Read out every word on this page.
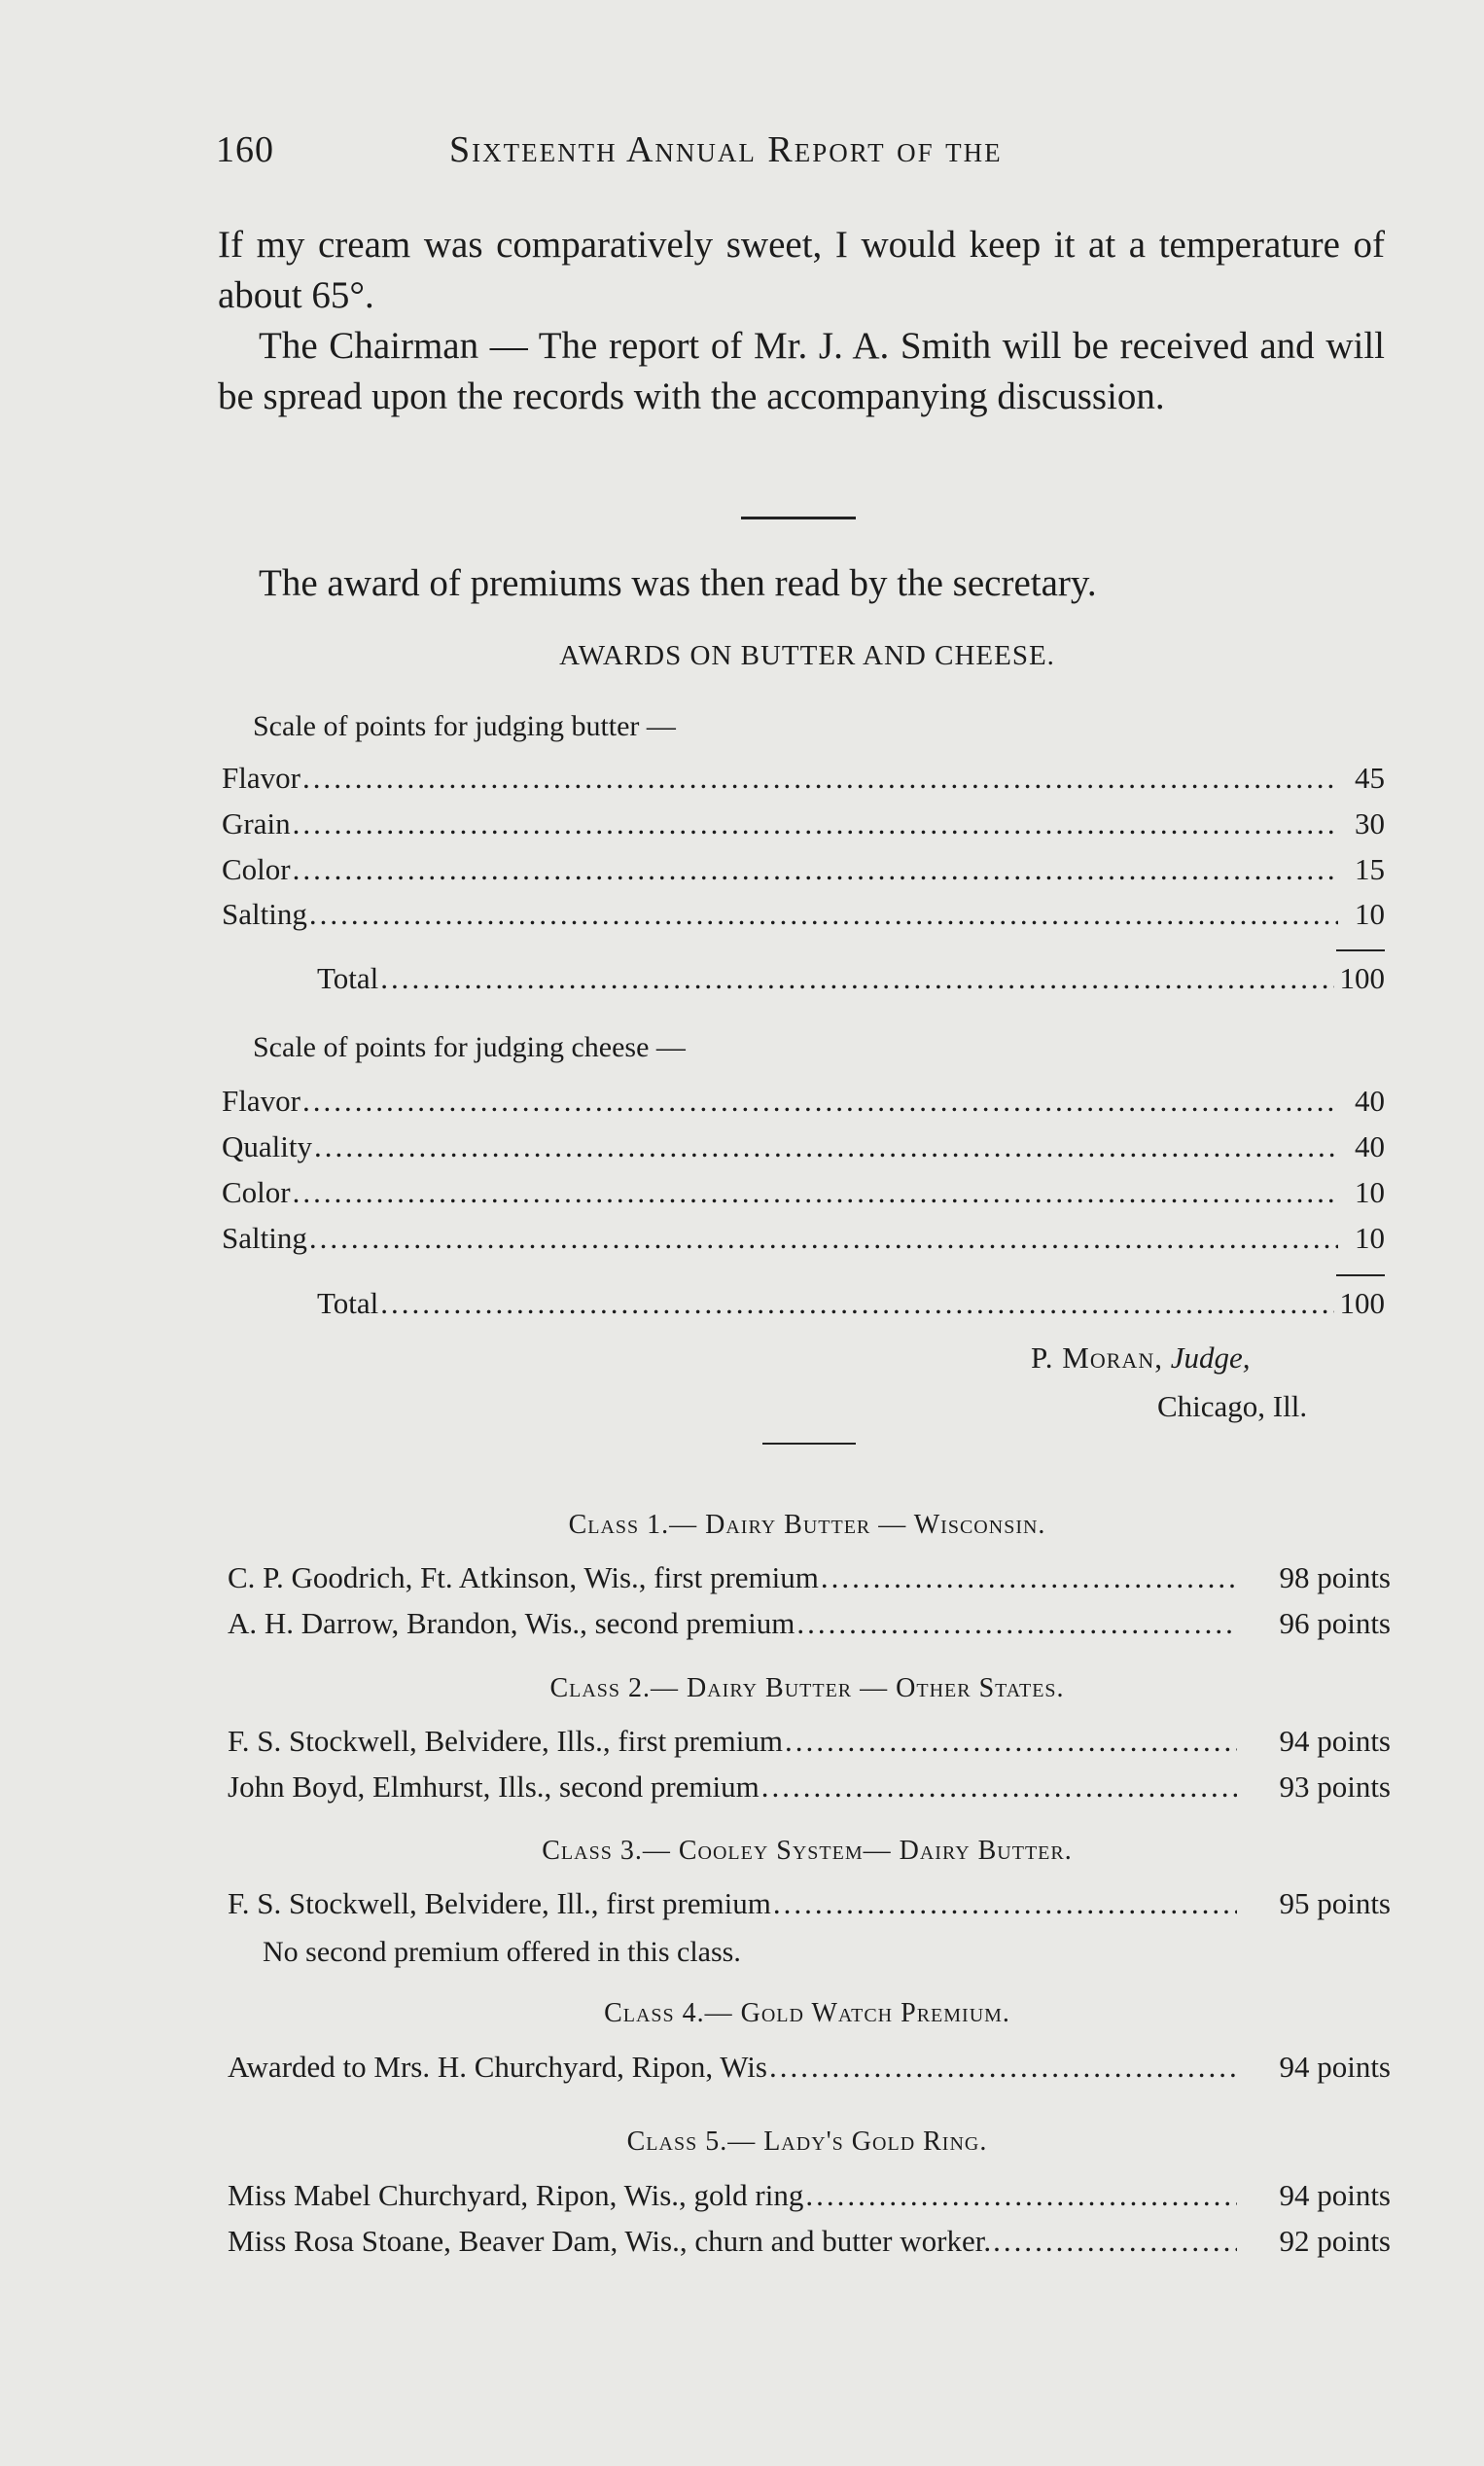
160	Sixteenth Annual Report of the
If my cream was comparatively sweet, I would keep it at a temperature of about 65°.
The Chairman — The report of Mr. J. A. Smith will be received and will be spread upon the records with the accompanying discussion.
The award of premiums was then read by the secretary.
AWARDS ON BUTTER AND CHEESE.
Scale of points for judging butter —
Flavor .....	45
Grain .....	30
Color .....	15
Salting .....	10
Total .....	100
Scale of points for judging cheese —
Flavor .....	40
Quality .....	40
Color .....	10
Salting .....	10
Total .....	100
P. Moran, Judge,
Chicago, Ill.
Class 1.— Dairy Butter — Wisconsin.
C. P. Goodrich, Ft. Atkinson, Wis., first premium .....	98 points
A. H. Darrow, Brandon, Wis., second premium .....	96 points
Class 2.— Dairy Butter — Other States.
F. S. Stockwell, Belvidere, Ills., first premium .....	94 points
John Boyd, Elmhurst, Ills., second premium .....	93 points
Class 3.— Cooley System— Dairy Butter.
F. S. Stockwell, Belvidere, Ill., first premium .....	95 points
No second premium offered in this class.
Class 4.— Gold Watch Premium.
Awarded to Mrs. H. Churchyard, Ripon, Wis .....	94 points
Class 5.— Lady's Gold Ring.
Miss Mabel Churchyard, Ripon, Wis., gold ring .....	94 points
Miss Rosa Stoane, Beaver Dam, Wis., churn and butter worker. .....	92 points
